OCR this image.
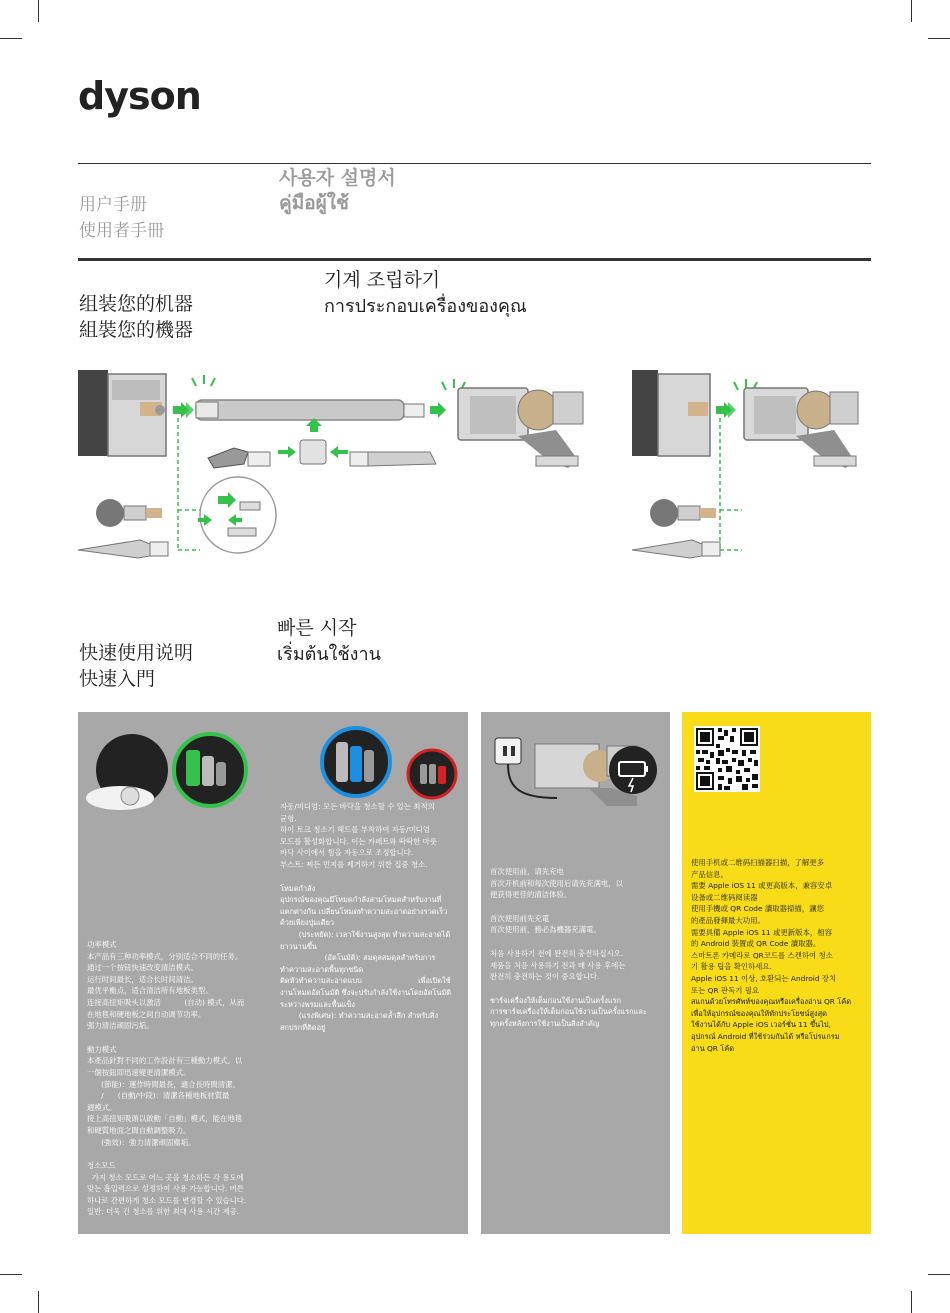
dyson
用户手册
使用者手冊
사용자 설명서
คู่มือผู้ใช้
기계 조립하기
การประกอบเครื่องของคุณ
组装您的机器
組裝您的機器
빠른 시작
เริ่มต้นใช้งาน
快速使用说明
快速入門
功率模式
本产品有三种功率模式，分别适合不同的任务。
通过一个按钮快速改变清洁模式。
运行时间最长，适合长时间清洁。
最优平衡点，适合清洁所有地板类型。
连接高扭矩吸头以激活          (自动) 模式，从而
在地毯和硬地板之间自动调节功率。
强力清洁顽固污垢。
動力模式
本產品針對不同的工作設計有三種動力模式。以
一個按鈕即迅速變更清潔模式。
(節能)：運作時間最長，適合長時間清潔。
/      (自動/中段)：清潔各種地板材質最
適模式。
接上高扭矩吸頭以啟動「自動」模式，能在地毯
和硬質地面之間自動調整吸力。
(強效)：強力清潔頑固塵垢。
청소모드
가지 청소 모드로 어느 곳을 청소하든 각 용도에
맞는 흡입력으로 설정하여 사용 가능합니다. 버튼
하나로 간편하게 청소 모드를 변경할 수 있습니다.
일반: 더욱 긴 청소를 위한 최대 사용 시간 제공.
자동/미디엄: 모든 바닥을 청소할 수 있는 최적의
균형.
하이 토크 청소기 헤드를 부착하여 자동/미디엄
모드를 활성화합니다. 이는 카페트와 딱딱한 마룻
바닥 사이에서 힘을 자동으로 조정합니다.
부스트: 찌든 먼지를 제거하기 위한 집중 청소.
โหมดกำลัง
อุปกรณ์ของคุณมีโหมดกำลังสามโหมดสำหรับงานที่
แตกต่างกัน เปลี่ยนโหมดทำความสะอาดอย่างรวดเร็ว
ด้วยเพียงปุ่มเดียว
(ประหยัด): เวลาใช้งานสูงสุด ทำความสะอาดได้
ยาวนานขึ้น
(อัตโนมัติ): สมดุลสมดุลสำหรับการ
ทำความสะอาดพื้นทุกชนิด
ติดหัวทำความสะอาดแบบ                        เพื่อเปิดใช้
งานโหมดอัตโนมัติ ซึ่งจะปรับกำลังใช้งานโดยอัตโนมัติ
ระหว่างพรมและพื้นแข็ง
(แรงพิเศษ): ทำความสะอาดล้ำลึก สำหรับสิ่ง
สกปรกที่ติดอยู่
首次使用前，请先充电
首次开机前和每次使用后请先充满电，以
便获得更佳的清洁体验。
首次使用前先充電
首次使用前，務必為機器充滿電。
처음 사용하기 전에 완전히 충전하십시오.
제품을 처음 사용하기 전과 매 사용 후에는
완전히 충전하는 것이 중요합니다.
ชาร์จเครื่องให้เต็มก่อนใช้งานเป็นครั้งแรก
การชาร์จเครื่องให้เต็มก่อนใช้งานเป็นครั้งแรกและ
ทุกครั้งหลังการใช้งานเป็นสิ่งสำคัญ
使用手机或二维码扫描器扫描，了解更多
产品信息。
需要 Apple iOS 11 或更高版本，兼容安卓
设备或二维码阅读器
使用手機或 QR Code 讀取器掃描，讓您
的產品發揮最大功用。
需要具備 Apple iOS 11 或更新版本，相容
的 Android 裝置或 QR Code 讀取器。
스마트폰 카메라로 QR코드를 스캔하여 청소
기 활용 팁을 확인하세요.
Apple iOS 11 이상, 호환되는 Android 장치
또는 QR 판독기 필요
สแกนด้วยโทรศัพท์ของคุณหรือเครื่องอ่าน QR โค้ด
เพื่อให้อุปกรณ์ของคุณให้ทักประโยชน์สูงสุด
ใช้งานได้กับ Apple iOS เวอร์ชั่น 11 ขึ้นไป,
อุปกรณ์ Android ที่ใช้ร่วมกันได้ หรือโปรแกรม
อ่าน QR โค้ด
